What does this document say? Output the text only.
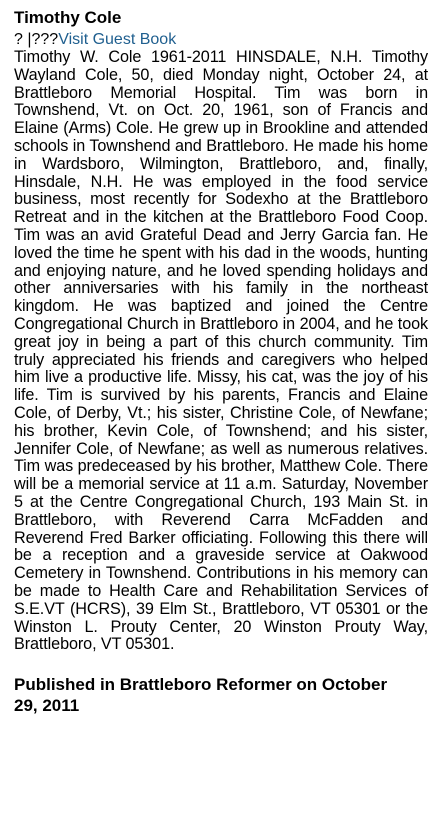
Timothy Cole
? |???Visit Guest Book

Timothy W. Cole 1961-2011 HINSDALE, N.H. Timothy Wayland Cole, 50, died Monday night, October 24, at Brattleboro Memorial Hospital. Tim was born in Townshend, Vt. on Oct. 20, 1961, son of Francis and Elaine (Arms) Cole. He grew up in Brookline and attended schools in Townshend and Brattleboro. He made his home in Wardsboro, Wilmington, Brattleboro, and, finally, Hinsdale, N.H. He was employed in the food service business, most recently for Sodexho at the Brattleboro Retreat and in the kitchen at the Brattleboro Food Coop. Tim was an avid Grateful Dead and Jerry Garcia fan. He loved the time he spent with his dad in the woods, hunting and enjoying nature, and he loved spending holidays and other anniversaries with his family in the northeast kingdom. He was baptized and joined the Centre Congregational Church in Brattleboro in 2004, and he took great joy in being a part of this church community. Tim truly appreciated his friends and caregivers who helped him live a productive life. Missy, his cat, was the joy of his life. Tim is survived by his parents, Francis and Elaine Cole, of Derby, Vt.; his sister, Christine Cole, of Newfane; his brother, Kevin Cole, of Townshend; and his sister, Jennifer Cole, of Newfane; as well as numerous relatives. Tim was predeceased by his brother, Matthew Cole. There will be a memorial service at 11 a.m. Saturday, November 5 at the Centre Congregational Church, 193 Main St. in Brattleboro, with Reverend Carra McFadden and Reverend Fred Barker officiating. Following this there will be a reception and a graveside service at Oakwood Cemetery in Townshend. Contributions in his memory can be made to Health Care and Rehabilitation Services of S.E.VT (HCRS), 39 Elm St., Brattleboro, VT 05301 or the Winston L. Prouty Center, 20 Winston Prouty Way, Brattleboro, VT 05301.

Published in Brattleboro Reformer on October 29, 2011
